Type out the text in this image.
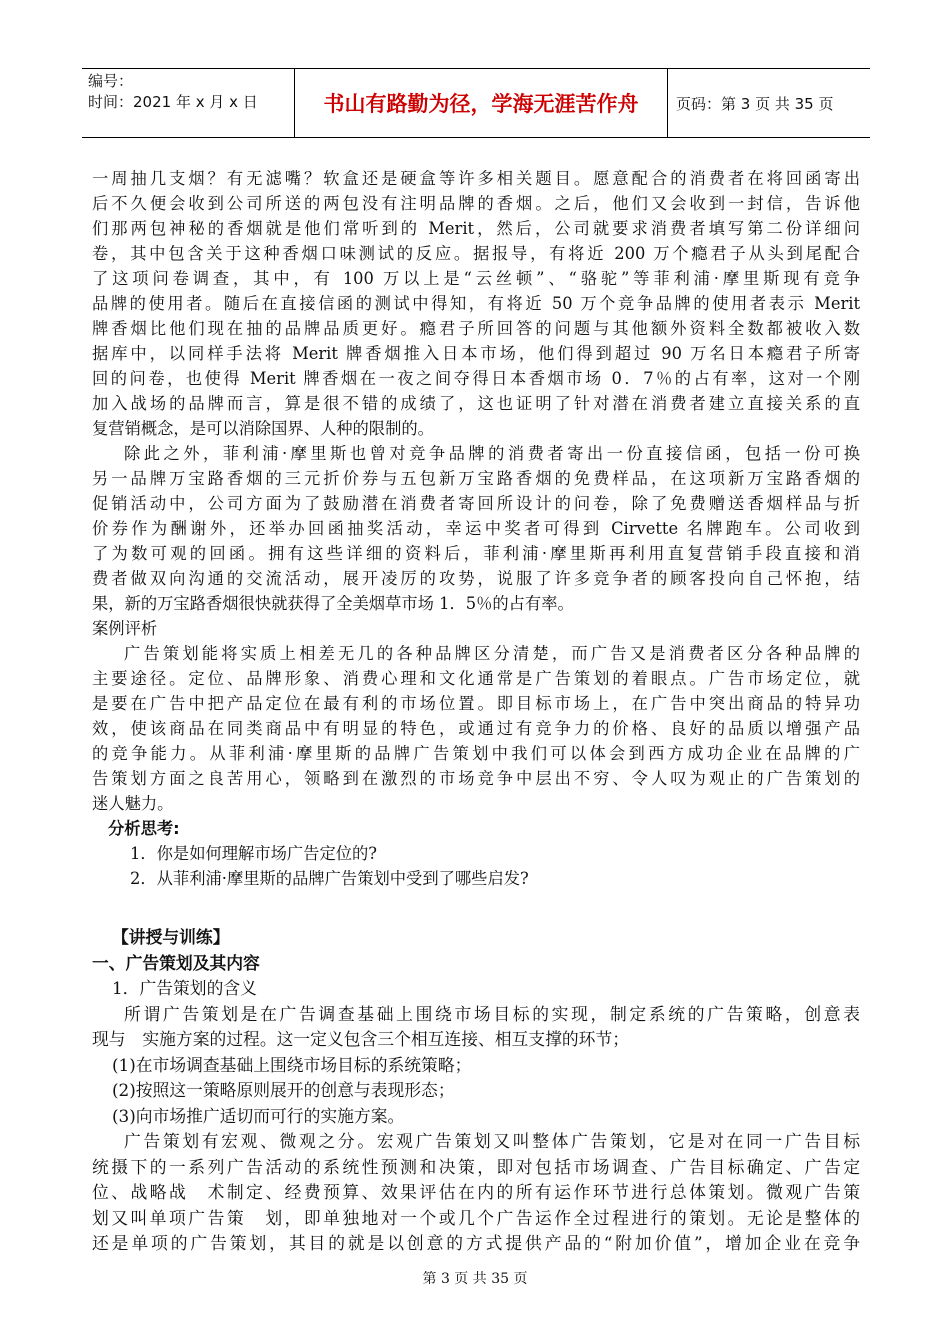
编号：
时间：2021 年 x 月 x 日	书山有路勤为径，学海无涯苦作舟	页码：第 3 页 共 35 页
一周抽几支烟？有无滤嘴？软盒还是硬盒等许多相关题目。愿意配合的消费者在将回函寄出
后不久便会收到公司所送的两包没有注明品牌的香烟。之后，他们又会收到一封信，告诉他
们那两包神秘的香烟就是他们常听到的 Merit，然后，公司就要求消费者填写第二份详细问
卷，其中包含关于这种香烟口味测试的反应。据报导，有将近 200 万个瘾君子从头到尾配合
了这项问卷调查，其中，有 100 万以上是“云丝顿”、“骆驼”等菲利浦·摩里斯现有竞争
品牌的使用者。随后在直接信函的测试中得知，有将近 50 万个竞争品牌的使用者表示 Merit
牌香烟比他们现在抽的品牌品质更好。瘾君子所回答的问题与其他额外资料全数都被收入数
据库中，以同样手法将 Merit 牌香烟推入日本市场，他们得到超过 90 万名日本瘾君子所寄
回的问卷，也使得 Merit 牌香烟在一夜之间夺得日本香烟市场 0．7％的占有率，这对一个刚
加入战场的品牌而言，算是很不错的成绩了，这也证明了针对潜在消费者建立直接关系的直
复营销概念，是可以消除国界、人种的限制的。
除此之外，菲利浦·摩里斯也曾对竞争品牌的消费者寄出一份直接信函，包括一份可换
另一品牌万宝路香烟的三元折价券与五包新万宝路香烟的免费样品，在这项新万宝路香烟的
促销活动中，公司方面为了鼓励潜在消费者寄回所设计的问卷，除了免费赠送香烟样品与折
价券作为酬谢外，还举办回函抽奖活动，幸运中奖者可得到 Cirvette 名牌跑车。公司收到
了为数可观的回函。拥有这些详细的资料后，菲利浦·摩里斯再利用直复营销手段直接和消
费者做双向沟通的交流活动，展开凌厉的攻势，说服了许多竞争者的顾客投向自己怀抱，结
果，新的万宝路香烟很快就获得了全美烟草市场 1．5％的占有率。
案例评析
广告策划能将实质上相差无几的各种品牌区分清楚，而广告又是消费者区分各种品牌的
主要途径。定位、品牌形象、消费心理和文化通常是广告策划的着眼点。广告市场定位，就
是要在广告中把产品定位在最有利的市场位置。即目标市场上，在广告中突出商品的特异功
效，使该商品在同类商品中有明显的特色，或通过有竞争力的价格、良好的品质以增强产品
的竞争能力。从菲利浦·摩里斯的品牌广告策划中我们可以体会到西方成功企业在品牌的广
告策划方面之良苦用心，领略到在激烈的市场竞争中层出不穷、令人叹为观止的广告策划的
迷人魅力。
分析思考:
1．你是如何理解市场广告定位的?
2．从菲利浦·摩里斯的品牌广告策划中受到了哪些启发?
【讲授与训练】
一、广告策划及其内容
1．广告策划的含义
所谓广告策划是在广告调查基础上围绕市场目标的实现，制定系统的广告策略，创意表
现与　实施方案的过程。这一定义包含三个相互连接、相互支撑的环节；
(1)在市场调查基础上围绕市场目标的系统策略；
(2)按照这一策略原则展开的创意与表现形态；
(3)向市场推广适切而可行的实施方案。
广告策划有宏观、微观之分。宏观广告策划又叫整体广告策划，它是对在同一广告目标
统摄下的一系列广告活动的系统性预测和决策，即对包括市场调查、广告目标确定、广告定
位、战略战　术制定、经费预算、效果评估在内的所有运作环节进行总体策划。微观广告策
划又叫单项广告策　划，即单独地对一个或几个广告运作全过程进行的策划。无论是整体的
还是单项的广告策划，其目的就是以创意的方式提供产品的“附加价值”，增加企业在竞争
第 3 页 共 35 页
